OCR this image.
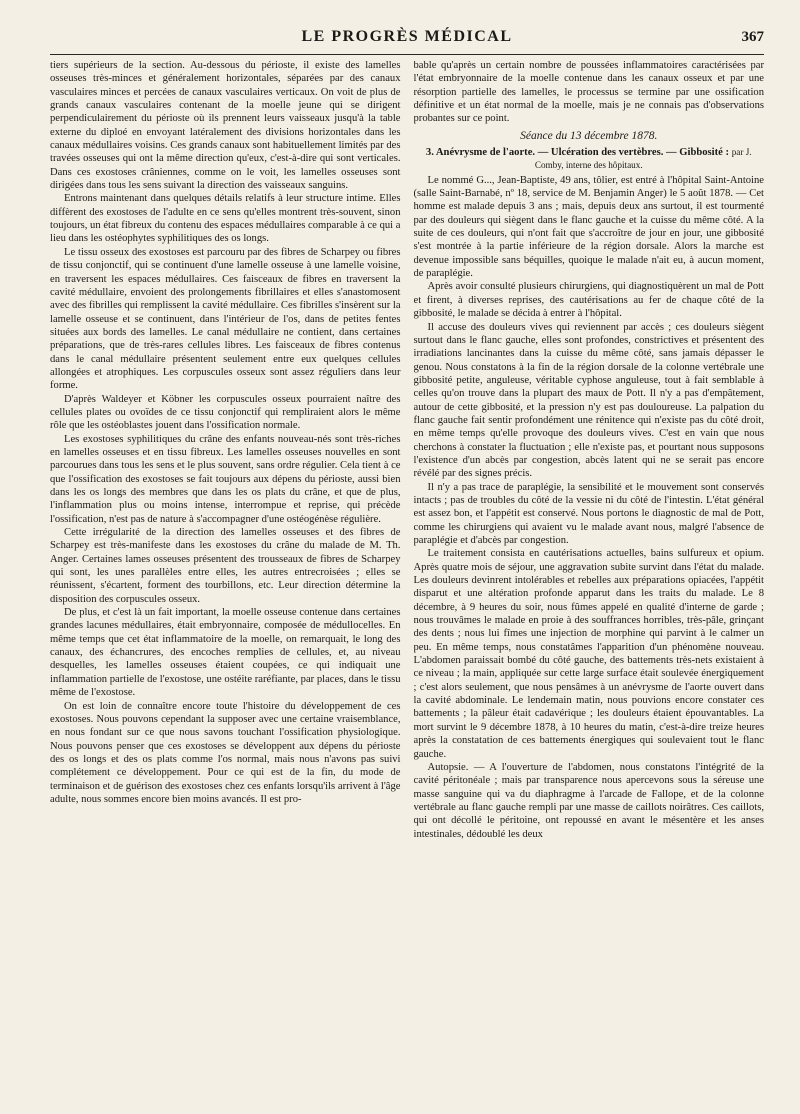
LE PROGRÈS MÉDICAL	367

tiers supérieurs de la section. Au-dessous du périoste, il existe des lamelles osseuses très-minces et généralement horizontales, séparées par des canaux vasculaires minces et percées de canaux vasculaires verticaux. On voit de plus de grands canaux vasculaires contenant de la moelle jeune qui se dirigent perpendiculairement du périoste où ils prennent leurs vaisseaux jusqu'à la table externe du diploé en envoyant latéralement des divisions horizontales dans les canaux médullaires voisins. Ces grands canaux sont habituellement limités par des travées osseuses qui ont la même direction qu'eux, c'est-à-dire qui sont verticales. Dans ces exostoses crâniennes, comme on le voit, les lamelles osseuses sont dirigées dans tous les sens suivant la direction des vaisseaux sanguins.

Entrons maintenant dans quelques détails relatifs à leur structure intime. Elles diffèrent des exostoses de l'adulte en ce sens qu'elles montrent très-souvent, sinon toujours, un état fibreux du contenu des espaces médullaires comparable à ce qui a lieu dans les ostéophytes syphilitiques des os longs.

Le tissu osseux des exostoses est parcouru par des fibres de Scharpey ou fibres de tissu conjonctif, qui se continuent d'une lamelle osseuse à une lamelle voisine, en traversent les espaces médullaires. Ces faisceaux de fibres en traversent la cavité médullaire, envoient des prolongements fibrillaires et elles s'anastomosent avec des fibrilles qui remplissent la cavité médullaire. Ces fibrilles s'insèrent sur la lamelle osseuse et se continuent, dans l'intérieur de l'os, dans de petites fentes situées aux bords des lamelles. Le canal médullaire ne contient, dans certaines préparations, que de très-rares cellules libres. Les faisceaux de fibres contenus dans le canal médullaire présentent seulement entre eux quelques cellules allongées et atrophiques. Les corpuscules osseux sont assez réguliers dans leur forme.

D'après Waldeyer et Köbner les corpuscules osseux pourraient naître des cellules plates ou ovoïdes de ce tissu conjonctif qui rempliraient alors le même rôle que les ostéoblastes jouent dans l'ossification normale.

Les exostoses syphilitiques du crâne des enfants nouveau-nés sont très-riches en lamelles osseuses et en tissu fibreux. Les lamelles osseuses nouvelles en sont parcourues dans tous les sens et le plus souvent, sans ordre régulier. Cela tient à ce que l'ossification des exostoses se fait toujours aux dépens du périoste, aussi bien dans les os longs des membres que dans les os plats du crâne, et que de plus, l'inflammation plus ou moins intense, interrompue et reprise, qui précède l'ossification, n'est pas de nature à s'accompagner d'une ostéogénèse régulière.

Cette irrégularité de la direction des lamelles osseuses et des fibres de Scharpey est très-manifeste dans les exostoses du crâne du malade de M. Th. Anger. Certaines lames osseuses présentent des trousseaux de fibres de Scharpey qui sont, les unes parallèles entre elles, les autres entrecroisées ; elles se réunissent, s'écartent, forment des tourbillons, etc. Leur direction détermine la disposition des corpuscules osseux.

De plus, et c'est là un fait important, la moelle osseuse contenue dans certaines grandes lacunes médullaires, était embryonnaire, composée de médullocelles. En même temps que cet état inflammatoire de la moelle, on remarquait, le long des canaux, des échancrures, des encoches remplies de cellules, et, au niveau desquelles, les lamelles osseuses étaient coupées, ce qui indiquait une inflammation partielle de l'exostose, une ostéite raréfiante, par places, dans le tissu même de l'exostose.

On est loin de connaître encore toute l'histoire du développement de ces exostoses. Nous pouvons cependant la supposer avec une certaine vraisemblance, en nous fondant sur ce que nous savons touchant l'ossification physiologique. Nous pouvons penser que ces exostoses se développent aux dépens du périoste des os longs et des os plats comme l'os normal, mais nous n'avons pas suivi complétement ce développement. Pour ce qui est de la fin, du mode de terminaison et de guérison des exostoses chez ces enfants lorsqu'ils arrivent à l'âge adulte, nous sommes encore bien moins avancés. Il est pro-

bable qu'après un certain nombre de poussées inflammatoires caractérisées par l'état embryonnaire de la moelle contenue dans les canaux osseux et par une résorption partielle des lamelles, le processus se termine par une ossification définitive et un état normal de la moelle, mais je ne connais pas d'observations probantes sur ce point.

Séance du 13 décembre 1878.
3. Anévrysme de l'aorte. — Ulcération des vertèbres. — Gibbosité : par J. Comby, interne des hôpitaux.

Le nommé G..., Jean-Baptiste, 49 ans, tôlier, est entré à l'hôpital Saint-Antoine (salle Saint-Barnabé, nº 18, service de M. Benjamin Anger) le 5 août 1878. — Cet homme est malade depuis 3 ans ; mais, depuis deux ans surtout, il est tourmenté par des douleurs qui siègent dans le flanc gauche et la cuisse du même côté. A la suite de ces douleurs, qui n'ont fait que s'accroître de jour en jour, une gibbosité s'est montrée à la partie inférieure de la région dorsale. Alors la marche est devenue impossible sans béquilles, quoique le malade n'ait eu, à aucun moment, de paraplégie.

Après avoir consulté plusieurs chirurgiens, qui diagnostiquèrent un mal de Pott et firent, à diverses reprises, des cautérisations au fer de chaque côté de la gibbosité, le malade se décida à entrer à l'hôpital.

Il accuse des douleurs vives qui reviennent par accès ; ces douleurs siègent surtout dans le flanc gauche, elles sont profondes, constrictives et présentent des irradiations lancinantes dans la cuisse du même côté, sans jamais dépasser le genou. Nous constatons à la fin de la région dorsale de la colonne vertébrale une gibbosité petite, anguleuse, véritable cyphose anguleuse, tout à fait semblable à celles qu'on trouve dans la plupart des maux de Pott. Il n'y a pas d'empâtement, autour de cette gibbosité, et la pression n'y est pas douloureuse. La palpation du flanc gauche fait sentir profondément une rénitence qui n'existe pas du côté droit, en même temps qu'elle provoque des douleurs vives. C'est en vain que nous cherchons à constater la fluctuation ; elle n'existe pas, et pourtant nous supposons l'existence d'un abcès par congestion, abcès latent qui ne se serait pas encore révélé par des signes précis.

Il n'y a pas trace de paraplégie, la sensibilité et le mouvement sont conservés intacts ; pas de troubles du côté de la vessie ni du côté de l'intestin. L'état général est assez bon, et l'appétit est conservé. Nous portons le diagnostic de mal de Pott, comme les chirurgiens qui avaient vu le malade avant nous, malgré l'absence de paraplégie et d'abcès par congestion.

Le traitement consista en cautérisations actuelles, bains sulfureux et opium. Après quatre mois de séjour, une aggravation subite survint dans l'état du malade. Les douleurs devinrent intolérables et rebelles aux préparations opiacées, l'appétit disparut et une altération profonde apparut dans les traits du malade. Le 8 décembre, à 9 heures du soir, nous fûmes appelé en qualité d'interne de garde ; nous trouvâmes le malade en proie à des souffrances horribles, très-pâle, grinçant des dents ; nous lui fîmes une injection de morphine qui parvint à le calmer un peu. En même temps, nous constatâmes l'apparition d'un phénomène nouveau. L'abdomen paraissait bombé du côté gauche, des battements très-nets existaient à ce niveau ; la main, appliquée sur cette large surface était soulevée énergiquement ; c'est alors seulement, que nous pensâmes à un anévrysme de l'aorte ouvert dans la cavité abdominale. Le lendemain matin, nous pouvions encore constater ces battements ; la pâleur était cadavérique ; les douleurs étaient épouvantables. La mort survint le 9 décembre 1878, à 10 heures du matin, c'est-à-dire treize heures après la constatation de ces battements énergiques qui soulevaient tout le flanc gauche.

Autopsie. — A l'ouverture de l'abdomen, nous constatons l'intégrité de la cavité péritonéale ; mais par transparence nous apercevons sous la séreuse une masse sanguine qui va du diaphragme à l'arcade de Fallope, et de la colonne vertébrale au flanc gauche rempli par une masse de caillots noirâtres. Ces caillots, qui ont décollé le péritoine, ont repoussé en avant le mésentère et les anses intestinales, dédoublé les deux
